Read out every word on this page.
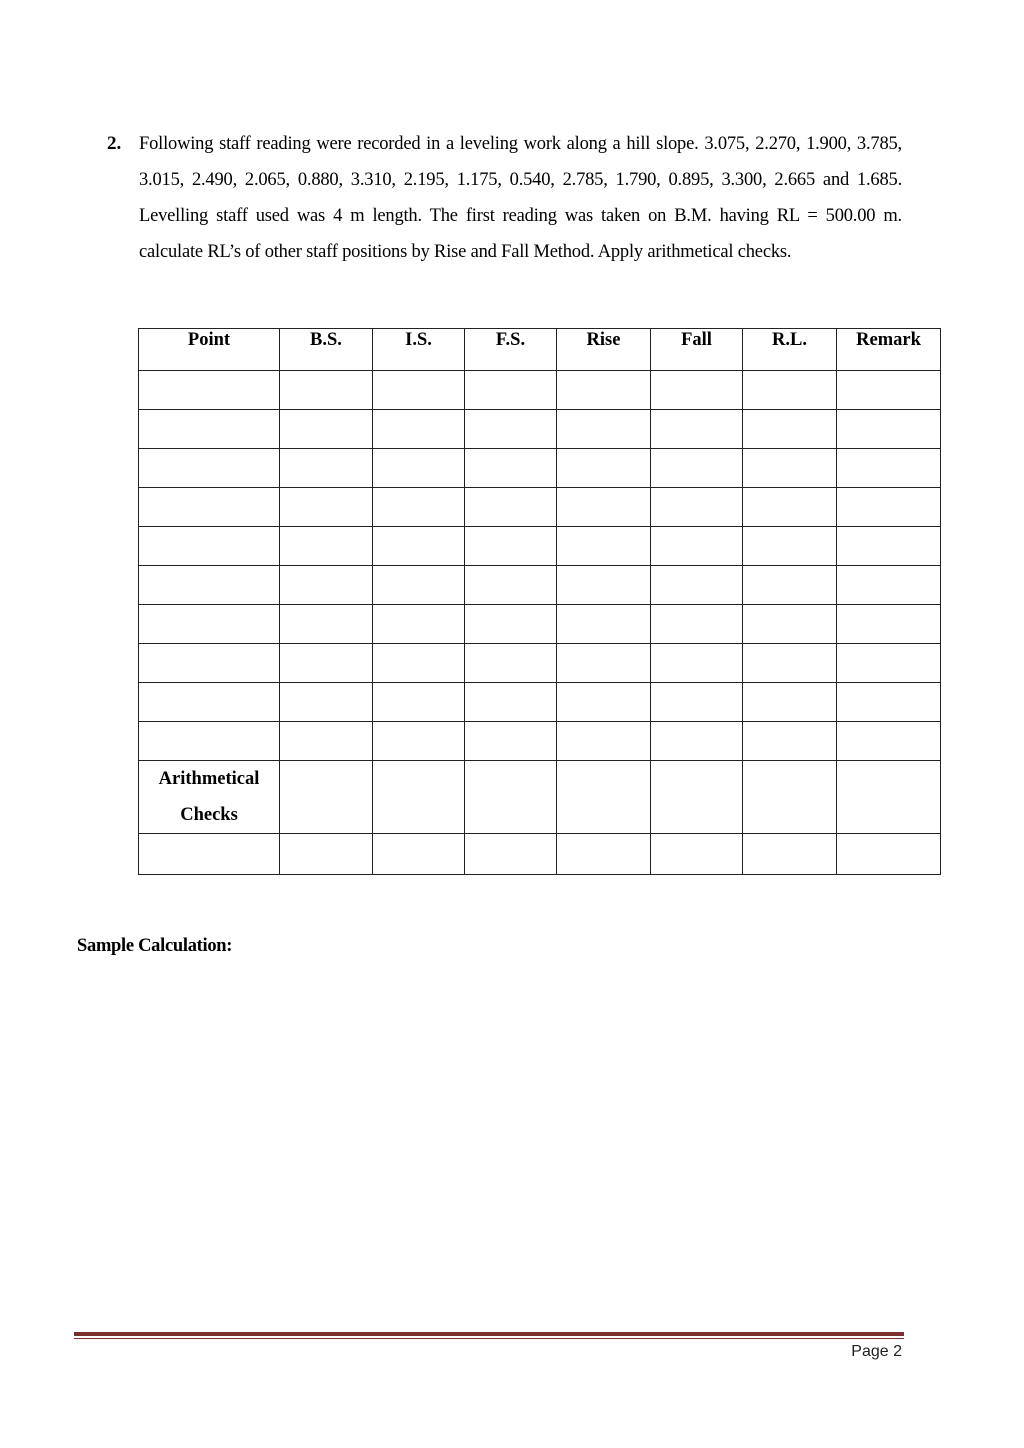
2. Following staff reading were recorded in a leveling work along a hill slope. 3.075, 2.270, 1.900, 3.785, 3.015, 2.490, 2.065, 0.880, 3.310, 2.195, 1.175, 0.540, 2.785, 1.790, 0.895, 3.300, 2.665 and 1.685. Levelling staff used was 4 m length. The first reading was taken on B.M. having RL = 500.00 m. calculate RL’s of other staff positions by Rise and Fall Method. Apply arithmetical checks.
Point	B.S.	I.S.	F.S.	Rise	Fall	R.L.	Remark

Arithmetical
Checks							

Sample Calculation:
Page 2
